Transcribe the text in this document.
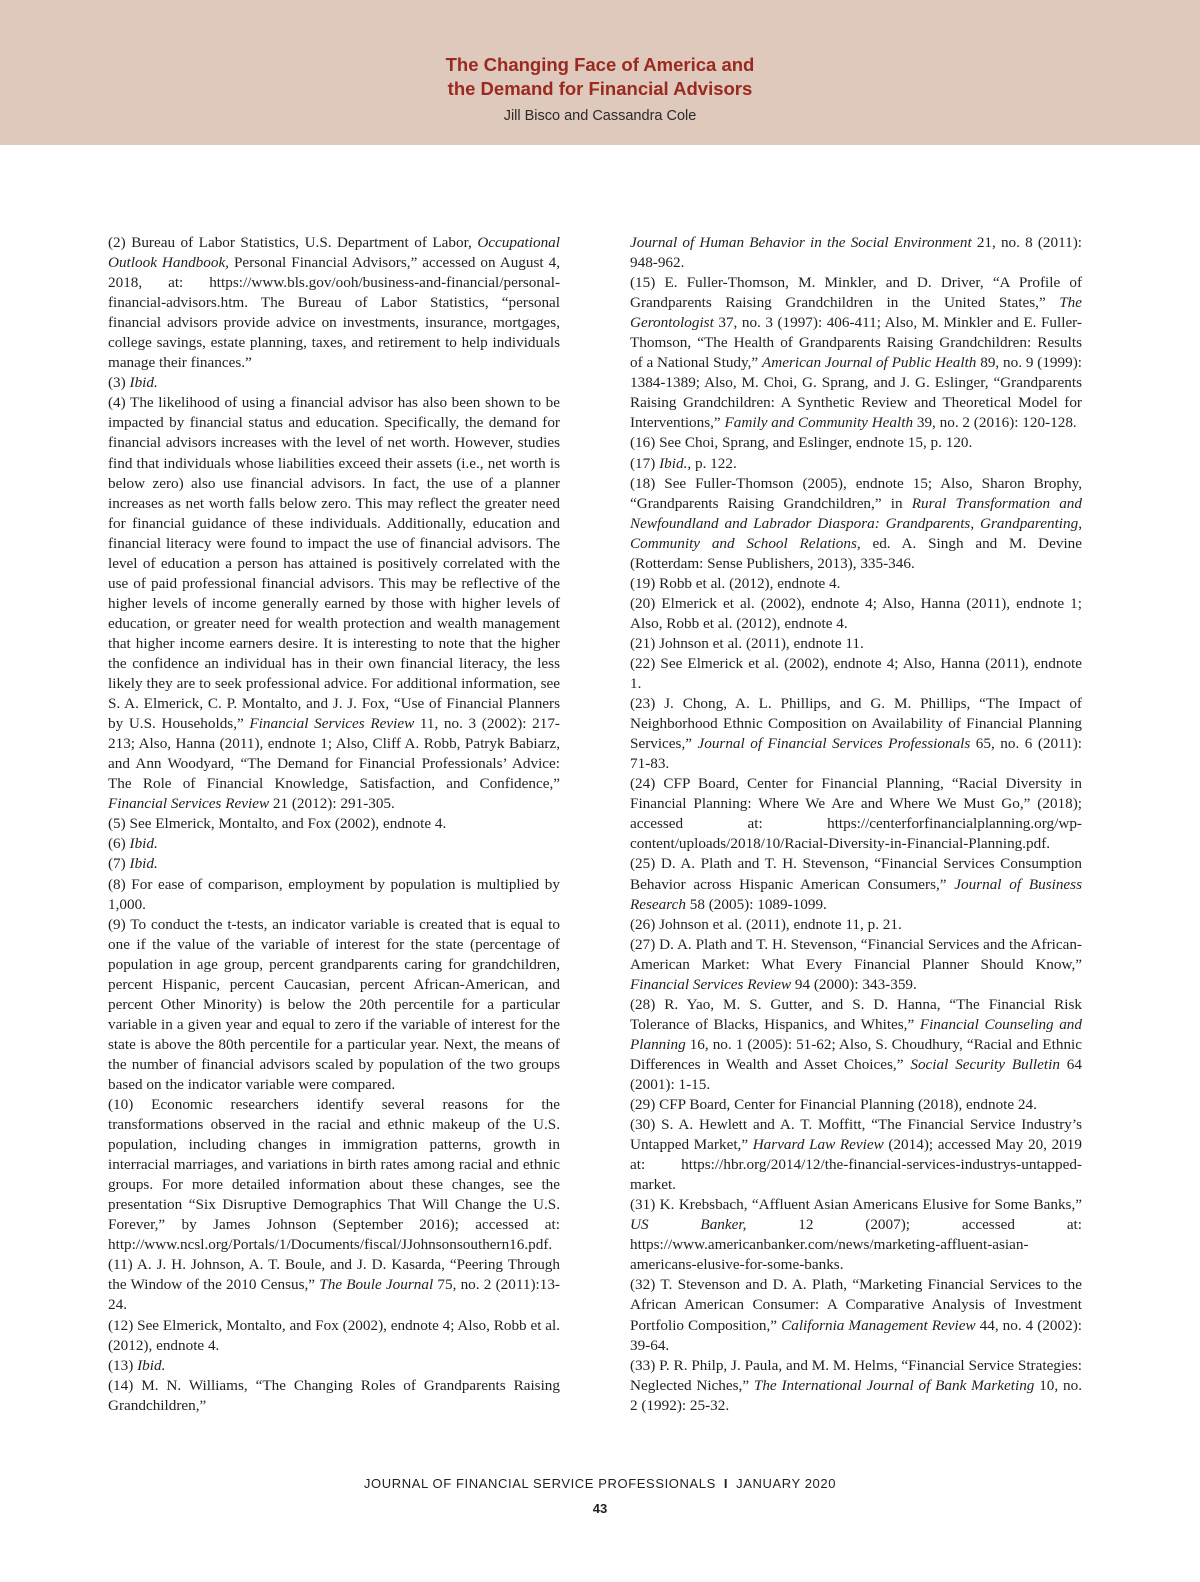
The Changing Face of America and
the Demand for Financial Advisors
Jill Bisco and Cassandra Cole

(2) Bureau of Labor Statistics, U.S. Department of Labor, Occupational Outlook Handbook, Personal Financial Advisors,” accessed on August 4, 2018, at: https://www.bls.gov/ooh/business-and-financial/personal-financial-advisors.htm. The Bureau of Labor Statistics, “personal financial advisors provide advice on investments, insurance, mortgages, college savings, estate planning, taxes, and retirement to help individuals manage their finances.”

(3) Ibid.

(4) The likelihood of using a financial advisor has also been shown to be impacted by financial status and education. Specifically, the demand for financial advisors increases with the level of net worth. However, studies find that individuals whose liabilities exceed their assets (i.e., net worth is below zero) also use financial advisors. In fact, the use of a planner increases as net worth falls below zero. This may reflect the greater need for financial guidance of these individuals. Additionally, education and financial literacy were found to impact the use of financial advisors. The level of education a person has attained is positively correlated with the use of paid professional financial advisors. This may be reflective of the higher levels of income generally earned by those with higher levels of education, or greater need for wealth protection and wealth management that higher income earners desire. It is interesting to note that the higher the confidence an individual has in their own financial literacy, the less likely they are to seek professional advice. For additional information, see S. A. Elmerick, C. P. Montalto, and J. J. Fox, “Use of Financial Planners by U.S. Households,” Financial Services Review 11, no. 3 (2002): 217-213; Also, Hanna (2011), endnote 1; Also, Cliff A. Robb, Patryk Babiarz, and Ann Woodyard, “The Demand for Financial Professionals’ Advice: The Role of Financial Knowledge, Satisfaction, and Confidence,” Financial Services Review 21 (2012): 291-305.

(5) See Elmerick, Montalto, and Fox (2002), endnote 4.

(6) Ibid.

(7) Ibid.

(8) For ease of comparison, employment by population is multiplied by 1,000.

(9) To conduct the t-tests, an indicator variable is created that is equal to one if the value of the variable of interest for the state (percentage of population in age group, percent grandparents caring for grandchildren, percent Hispanic, percent Caucasian, percent African-American, and percent Other Minority) is below the 20th percentile for a particular variable in a given year and equal to zero if the variable of interest for the state is above the 80th percentile for a particular year. Next, the means of the number of financial advisors scaled by population of the two groups based on the indicator variable were compared.

(10) Economic researchers identify several reasons for the transformations observed in the racial and ethnic makeup of the U.S. population, including changes in immigration patterns, growth in interracial marriages, and variations in birth rates among racial and ethnic groups. For more detailed information about these changes, see the presentation “Six Disruptive Demographics That Will Change the U.S. Forever,” by James Johnson (September 2016); accessed at: http://www.ncsl.org/Portals/1/Documents/fiscal/JJohnsonsouthern16.pdf.

(11) A. J. H. Johnson, A. T. Boule, and J. D. Kasarda, “Peering Through the Window of the 2010 Census,” The Boule Journal 75, no. 2 (2011):13-24.

(12) See Elmerick, Montalto, and Fox (2002), endnote 4; Also, Robb et al. (2012), endnote 4.

(13) Ibid.

(14) M. N. Williams, “The Changing Roles of Grandparents Raising Grandchildren,”

Journal of Human Behavior in the Social Environment 21, no. 8 (2011): 948-962.

(15) E. Fuller-Thomson, M. Minkler, and D. Driver, “A Profile of Grandparents Raising Grandchildren in the United States,” The Gerontologist 37, no. 3 (1997): 406-411; Also, M. Minkler and E. Fuller-Thomson, “The Health of Grandparents Raising Grandchildren: Results of a National Study,” American Journal of Public Health 89, no. 9 (1999): 1384-1389; Also, M. Choi, G. Sprang, and J. G. Eslinger, “Grandparents Raising Grandchildren: A Synthetic Review and Theoretical Model for Interventions,” Family and Community Health 39, no. 2 (2016): 120-128.

(16) See Choi, Sprang, and Eslinger, endnote 15, p. 120.

(17) Ibid., p. 122.

(18) See Fuller-Thomson (2005), endnote 15; Also, Sharon Brophy, “Grandparents Raising Grandchildren,” in Rural Transformation and Newfoundland and Labrador Diaspora: Grandparents, Grandparenting, Community and School Relations, ed. A. Singh and M. Devine (Rotterdam: Sense Publishers, 2013), 335-346.

(19) Robb et al. (2012), endnote 4.

(20) Elmerick et al. (2002), endnote 4; Also, Hanna (2011), endnote 1; Also, Robb et al. (2012), endnote 4.

(21) Johnson et al. (2011), endnote 11.

(22) See Elmerick et al. (2002), endnote 4; Also, Hanna (2011), endnote 1.

(23) J. Chong, A. L. Phillips, and G. M. Phillips, “The Impact of Neighborhood Ethnic Composition on Availability of Financial Planning Services,” Journal of Financial Services Professionals 65, no. 6 (2011): 71-83.

(24) CFP Board, Center for Financial Planning, “Racial Diversity in Financial Planning: Where We Are and Where We Must Go,” (2018); accessed at: https://centerforfinancialplanning.org/wp-content/uploads/2018/10/Racial-Diversity-in-Financial-Planning.pdf.

(25) D. A. Plath and T. H. Stevenson, “Financial Services Consumption Behavior across Hispanic American Consumers,” Journal of Business Research 58 (2005): 1089-1099.

(26) Johnson et al. (2011), endnote 11, p. 21.

(27) D. A. Plath and T. H. Stevenson, “Financial Services and the African-American Market: What Every Financial Planner Should Know,” Financial Services Review 94 (2000): 343-359.

(28) R. Yao, M. S. Gutter, and S. D. Hanna, “The Financial Risk Tolerance of Blacks, Hispanics, and Whites,” Financial Counseling and Planning 16, no. 1 (2005): 51-62; Also, S. Choudhury, “Racial and Ethnic Differences in Wealth and Asset Choices,” Social Security Bulletin 64 (2001): 1-15.

(29) CFP Board, Center for Financial Planning (2018), endnote 24.

(30) S. A. Hewlett and A. T. Moffitt, “The Financial Service Industry’s Untapped Market,” Harvard Law Review (2014); accessed May 20, 2019 at: https://hbr.org/2014/12/the-financial-services-industrys-untapped-market.

(31) K. Krebsbach, “Affluent Asian Americans Elusive for Some Banks,” US Banker, 12 (2007); accessed at: https://www.americanbanker.com/news/marketing-affluent-asian-americans-elusive-for-some-banks.

(32) T. Stevenson and D. A. Plath, “Marketing Financial Services to the African American Consumer: A Comparative Analysis of Investment Portfolio Composition,” California Management Review 44, no. 4 (2002): 39-64.

(33) P. R. Philp, J. Paula, and M. M. Helms, “Financial Service Strategies: Neglected Niches,” The International Journal of Bank Marketing 10, no. 2 (1992): 25-32.

JOURNAL OF FINANCIAL SERVICE PROFESSIONALS I JANUARY 2020
43
